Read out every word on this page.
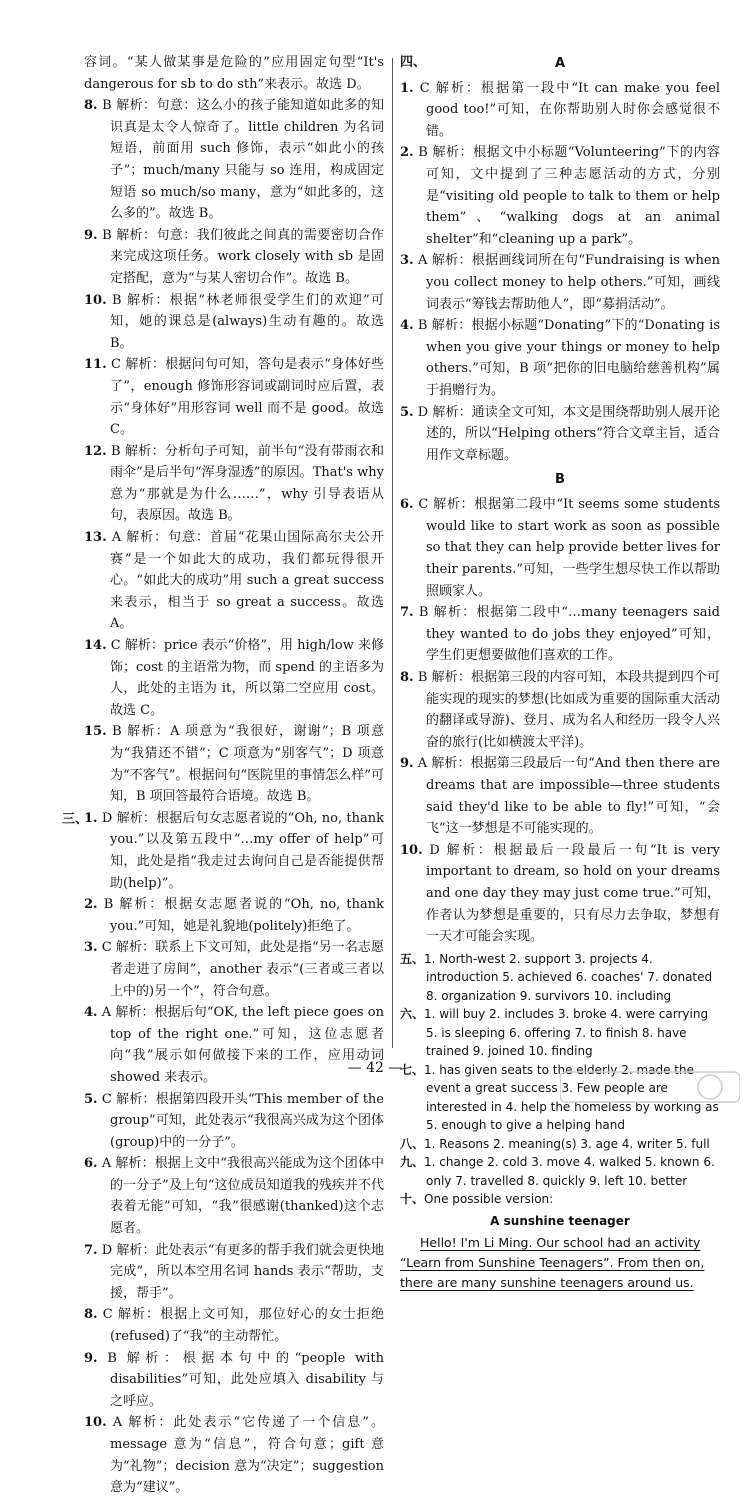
容词。“某人做某事是危险的”应用固定句型“It's dangerous for sb to do sth”来表示。故选 D。

8. B 解析：句意：这么小的孩子能知道如此多的知识真是太令人惊奇了。little children 为名词短语，前面用 such 修饰，表示“如此小的孩子”；much/many 只能与 so 连用，构成固定短语 so much/so many，意为“如此多的，这么多的”。故选 B。

9. B 解析：句意：我们彼此之间真的需要密切合作来完成这项任务。work closely with sb 是固定搭配，意为“与某人密切合作”。故选 B。

10. B 解析：根据“林老师很受学生们的欢迎”可知，她的课总是(always)生动有趣的。故选 B。

11. C 解析：根据问句可知，答句是表示“身体好些了”，enough 修饰形容词或副词时应后置，表示“身体好”用形容词 well 而不是 good。故选 C。

12. B 解析：分析句子可知，前半句“没有带雨衣和雨伞”是后半句“浑身湿透”的原因。That's why 意为“那就是为什么……”，why 引导表语从句，表原因。故选 B。

13. A 解析：句意：首届“花果山国际高尔夫公开赛”是一个如此大的成功，我们都玩得很开心。“如此大的成功”用 such a great success 来表示，相当于 so great a success。故选 A。

14. C 解析：price 表示“价格”，用 high/low 来修饰；cost 的主语常为物，而 spend 的主语多为人，此处的主语为 it，所以第二空应用 cost。故选 C。

15. B 解析：A 项意为“我很好，谢谢”；B 项意为“我猜还不错”；C 项意为“别客气”；D 项意为“不客气”。根据问句“医院里的事情怎么样”可知，B 项回答最符合语境。故选 B。

三、

1. D 解析：根据后句女志愿者说的“Oh, no, thank you.”以及第五段中“…my offer of help”可知，此处是指“我走过去询问自己是否能提供帮助(help)”。

2. B 解析：根据女志愿者说的“Oh, no, thank you.”可知，她是礼貌地(politely)拒绝了。

3. C 解析：联系上下文可知，此处是指“另一名志愿者走进了房间”，another 表示“(三者或三者以上中的)另一个”，符合句意。

4. A 解析：根据后句“OK, the left piece goes on top of the right one.”可知，这位志愿者向“我”展示如何做接下来的工作，应用动词 showed 来表示。

5. C 解析：根据第四段开头“This member of the group”可知，此处表示“我很高兴成为这个团体(group)中的一分子”。

6. A 解析：根据上文中“我很高兴能成为这个团体中的一分子”及上句“这位成员知道我的残疾并不代表着无能”可知，“我”很感谢(thanked)这个志愿者。

7. D 解析：此处表示“有更多的帮手我们就会更快地完成”，所以本空用名词 hands 表示“帮助，支援，帮手”。

8. C 解析：根据上文可知，那位好心的女士拒绝(refused)了“我”的主动帮忙。

9. B 解析：根据本句中的“people with disabilities”可知，此处应填入 disability 与之呼应。

10. A 解析：此处表示“它传递了一个信息”。message 意为“信息”，符合句意；gift 意为“礼物”；decision 意为“决定”；suggestion 意为“建议”。

四、	A

1. C 解析：根据第一段中“It can make you feel good too!”可知，在你帮助别人时你会感觉很不错。

2. B 解析：根据文中小标题“Volunteering”下的内容可知，文中提到了三种志愿活动的方式，分别是“visiting old people to talk to them or help them”、“walking dogs at an animal shelter”和“cleaning up a park”。

3. A 解析：根据画线词所在句“Fundraising is when you collect money to help others.”可知，画线词表示“筹钱去帮助他人”，即“募捐活动”。

4. B 解析：根据小标题“Donating”下的“Donating is when you give your things or money to help others.”可知，B 项“把你的旧电脑给慈善机构”属于捐赠行为。

5. D 解析：通读全文可知，本文是围绕帮助别人展开论述的，所以“Helping others”符合文章主旨，适合用作文章标题。

B

6. C 解析：根据第二段中“It seems some students would like to start work as soon as possible so that they can help provide better lives for their parents.”可知，一些学生想尽快工作以帮助照顾家人。

7. B 解析：根据第二段中“…many teenagers said they wanted to do jobs they enjoyed”可知，学生们更想要做他们喜欢的工作。

8. B 解析：根据第三段的内容可知，本段共提到四个可能实现的现实的梦想(比如成为重要的国际重大活动的翻译或导游)、登月、成为名人和经历一段令人兴奋的旅行(比如横渡太平洋)。

9. A 解析：根据第三段最后一句“And then there are dreams that are impossible—three students said they'd like to be able to fly!”可知，“会飞”这一梦想是不可能实现的。

10. D 解析：根据最后一段最后一句“It is very important to dream, so hold on your dreams and one day they may just come true.”可知，作者认为梦想是重要的，只有尽力去争取，梦想有一天才可能会实现。

五、1. North-west 2. support 3. projects 4. introduction 5. achieved 6. coaches' 7. donated 8. organization 9. survivors 10. including

六、1. will buy 2. includes 3. broke 4. were carrying 5. is sleeping 6. offering 7. to finish 8. have trained 9. joined 10. finding

七、1. has given seats to the elderly 2. made the event a great success 3. Few people are interested in 4. help the homeless by working as 5. enough to give a helping hand

八、1. Reasons 2. meaning(s) 3. age 4. writer 5. full

九、1. change 2. cold 3. move 4. walked 5. known 6. only 7. travelled 8. quickly 9. left 10. better

十、One possible version:

A sunshine teenager

Hello! I'm Li Ming. Our school had an activity

“Learn from Sunshine Teenagers”. From then on,

there are many sunshine teenagers around us.

— 42 —
